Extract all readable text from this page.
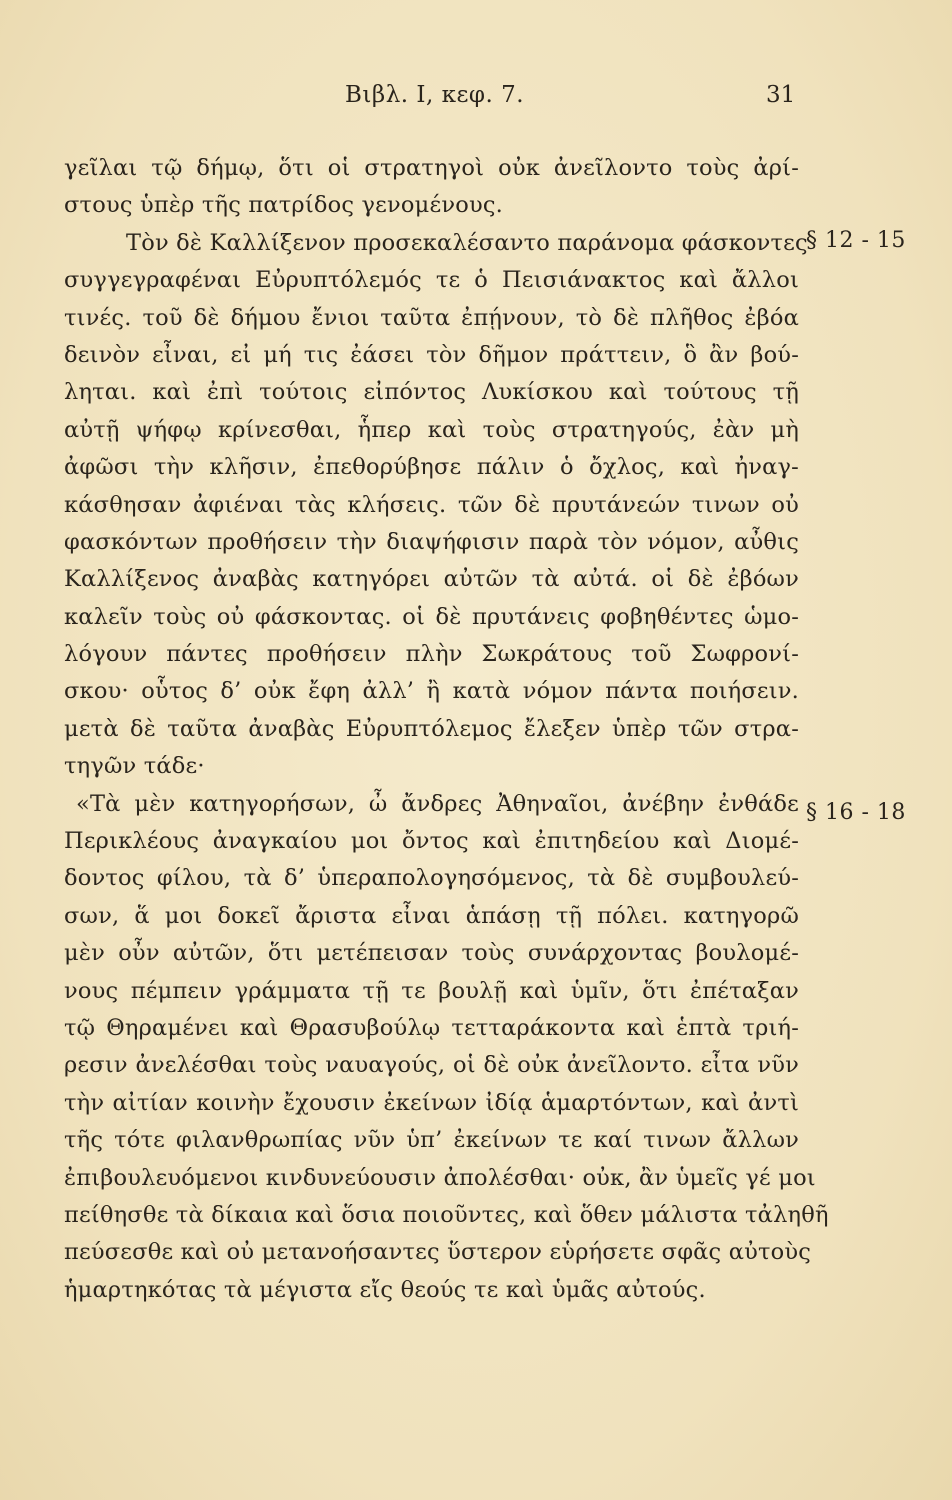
Βιβλ. I, κεφ. 7.	31
γεῖλαι τῷ δήμῳ, ὅτι οἱ στρατηγοὶ οὐκ ἀνεῖλοντο τοὺς ἀρί-
στους ὑπὲρ τῆς πατρίδος γενομένους.
Τὸν δὲ Καλλίξενον προσεκαλέσαντο παράνομα φάσκοντες
συγγεγραφέναι Εὐρυπτόλεμός τε ὁ Πεισιάνακτος καὶ ἄλλοι
τινές. τοῦ δὲ δήμου ἔνιοι ταῦτα ἐπῄνουν, τὸ δὲ πλῆθος ἐβόα
δεινὸν εἶναι, εἰ μή τις ἐάσει τὸν δῆμον πράττειν, ὃ ἂν βού-
ληται. καὶ ἐπὶ τούτοις εἰπόντος Λυκίσκου καὶ τούτους τῇ
αὐτῇ ψήφῳ κρίνεσθαι, ἧπερ καὶ τοὺς στρατηγούς, ἐὰν μὴ
ἀφῶσι τὴν κλῆσιν, ἐπεθορύβησε πάλιν ὁ ὄχλος, καὶ ἠναγ-
κάσθησαν ἀφιέναι τὰς κλήσεις. τῶν δὲ πρυτάνεών τινων οὐ
φασκόντων προθήσειν τὴν διαψήφισιν παρὰ τὸν νόμον, αὖθις
Καλλίξενος ἀναβὰς κατηγόρει αὐτῶν τὰ αὐτά. οἱ δὲ ἐβόων
καλεῖν τοὺς οὐ φάσκοντας. οἱ δὲ πρυτάνεις φοβηθέντες ὡμο-
λόγουν πάντες προθήσειν πλὴν Σωκράτους τοῦ Σωφρονί-
σκου· οὗτος δ’ οὐκ ἔφη ἀλλ’ ἢ κατὰ νόμον πάντα ποιήσειν.
μετὰ δὲ ταῦτα ἀναβὰς Εὐρυπτόλεμος ἔλεξεν ὑπὲρ τῶν στρα-
τηγῶν τάδε·
«Τὰ μὲν κατηγορήσων, ὦ ἄνδρες Ἀθηναῖοι, ἀνέβην ἐνθάδε
Περικλέους ἀναγκαίου μοι ὄντος καὶ ἐπιτηδείου καὶ Διομέ-
δοντος φίλου, τὰ δ’ ὑπεραπολογησόμενος, τὰ δὲ συμβουλεύ-
σων, ἅ μοι δοκεῖ ἄριστα εἶναι ἁπάσῃ τῇ πόλει. κατηγορῶ
μὲν οὖν αὐτῶν, ὅτι μετέπεισαν τοὺς συνάρχοντας βουλομέ-
νους πέμπειν γράμματα τῇ τε βουλῇ καὶ ὑμῖν, ὅτι ἐπέταξαν
τῷ Θηραμένει καὶ Θρασυβούλῳ τετταράκοντα καὶ ἑπτὰ τριή-
ρεσιν ἀνελέσθαι τοὺς ναυαγούς, οἱ δὲ οὐκ ἀνεῖλοντο. εἶτα νῦν
τὴν αἰτίαν κοινὴν ἔχουσιν ἐκείνων ἰδίᾳ ἁμαρτόντων, καὶ ἀντὶ
τῆς τότε φιλανθρωπίας νῦν ὑπ’ ἐκείνων τε καί τινων ἄλλων
ἐπιβουλευόμενοι κινδυνεύουσιν ἀπολέσθαι· οὐκ, ἂν ὑμεῖς γέ μοι
πείθησθε τὰ δίκαια καὶ ὅσια ποιοῦντες, καὶ ὅθεν μάλιστα τἀληθῆ
πεύσεσθε καὶ οὐ μετανοήσαντες ὕστερον εὑρήσετε σφᾶς αὐτοὺς
ἡμαρτηκότας τὰ μέγιστα εἴς θεούς τε καὶ ὑμᾶς αὐτούς.
§ 12 - 15
§ 16 - 18
